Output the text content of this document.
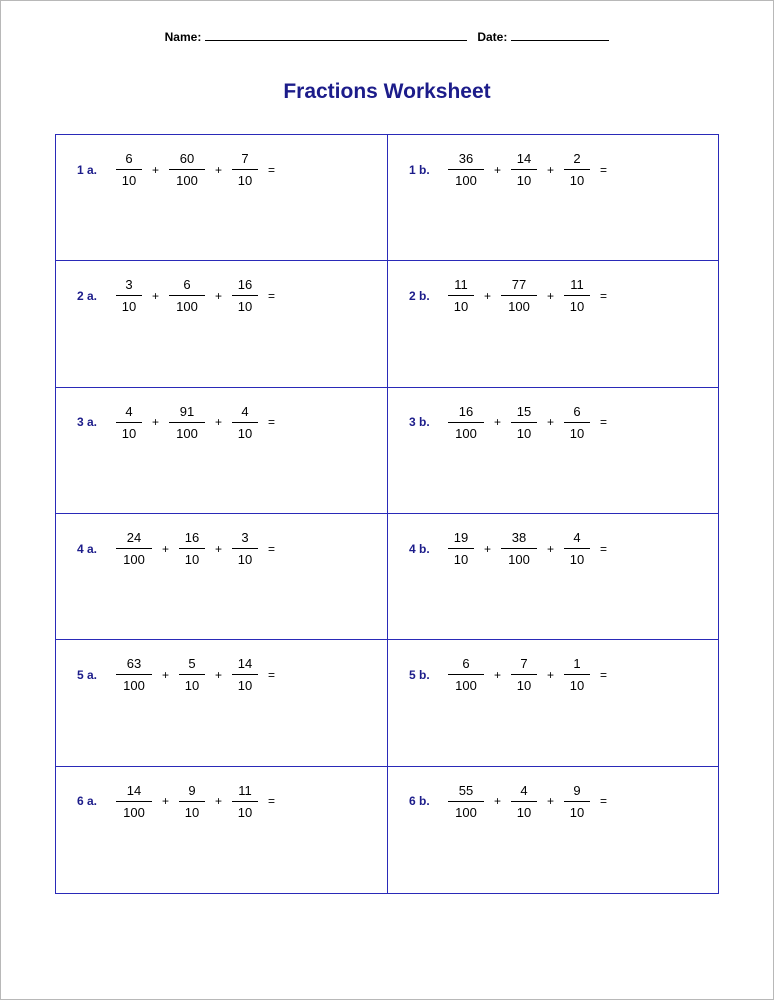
Name:	Date:
Fractions Worksheet
1 a.	$\frac{6}{10} + \frac{60}{100} + \frac{7}{10}$ =	1 b.	$\frac{36}{100} + \frac{14}{10} + \frac{2}{10}$ =
2 a.	$\frac{3}{10} + \frac{6}{100} + \frac{16}{10}$ =	2 b.	$\frac{11}{10} + \frac{77}{100} + \frac{11}{10}$ =
3 a.	$\frac{4}{10} + \frac{91}{100} + \frac{4}{10}$ =	3 b.	$\frac{16}{100} + \frac{15}{10} + \frac{6}{10}$ =
4 a.	$\frac{24}{100} + \frac{16}{10} + \frac{3}{10}$ =	4 b.	$\frac{19}{10} + \frac{38}{100} + \frac{4}{10}$ =
5 a.	$\frac{63}{100} + \frac{5}{10} + \frac{14}{10}$ =	5 b.	$\frac{6}{100} + \frac{7}{10} + \frac{1}{10}$ =
6 a.	$\frac{14}{100} + \frac{9}{10} + \frac{11}{10}$ =	6 b.	$\frac{55}{100} + \frac{4}{10} + \frac{9}{10}$ =
